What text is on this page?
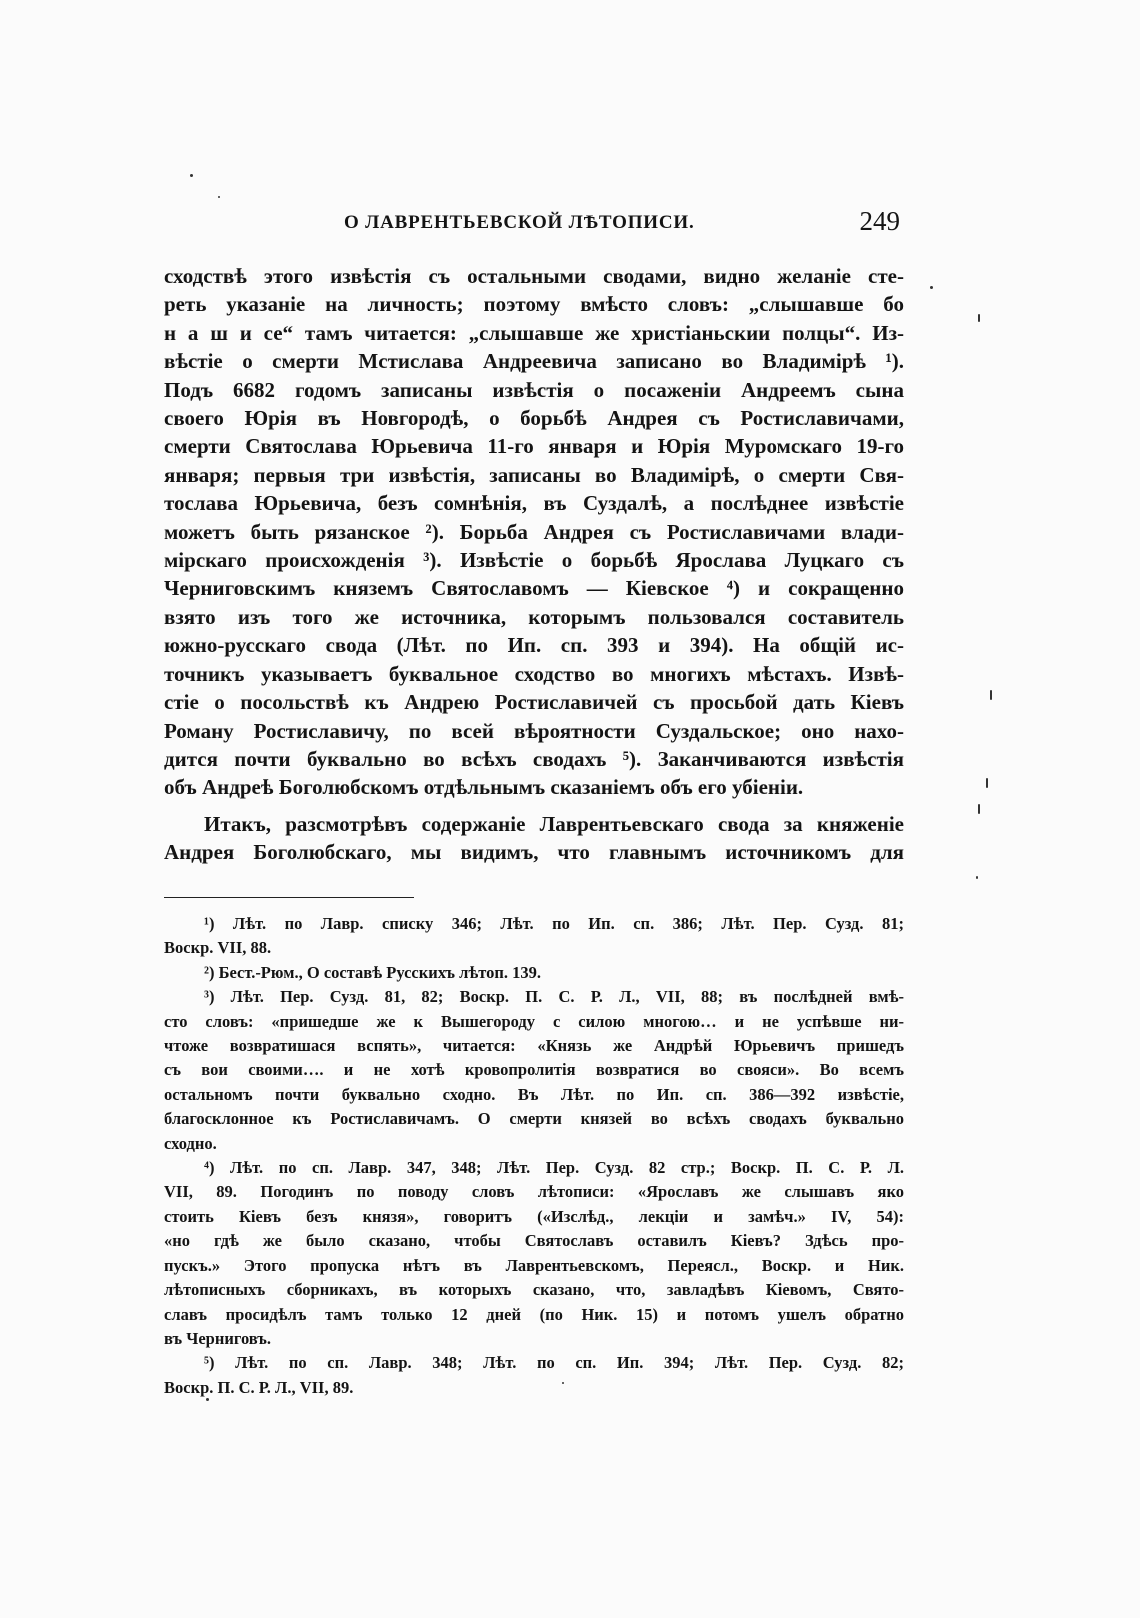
О ЛАВРЕНТЬЕВСКОЙ ЛѢТОПИСИ.	249
сходствѣ этого извѣстія съ остальными сводами, видно желаніе сте-
реть указаніе на личность; поэтому вмѣсто словъ: „слышавше бо
н а ш и се“ тамъ читается: „слышавше же христіаньскии полцы“. Из-
вѣстіе о смерти Мстислава Андреевича записано во Владимірѣ ¹).
Подъ 6682 годомъ записаны извѣстія о посаженіи Андреемъ сына
своего Юрія въ Новгородѣ, о борьбѣ Андрея съ Ростиславичами,
смерти Святослава Юрьевича 11-го января и Юрія Муромскаго 19-го
января; первыя три извѣстія, записаны во Владимірѣ, о смерти Свя-
тослава Юрьевича, безъ сомнѣнія, въ Суздалѣ, а послѣднее извѣстіе
можетъ быть рязанское ²). Борьба Андрея съ Ростиславичами влади-
мірскаго происхожденія ³). Извѣстіе о борьбѣ Ярослава Луцкаго съ
Черниговскимъ княземъ Святославомъ — Кіевское ⁴) и сокращенно
взято изъ того же источника, которымъ пользовался составитель
южно-русскаго свода (Лѣт. по Ип. сп. 393 и 394). На общій ис-
точникъ указываетъ буквальное сходство во многихъ мѣстахъ. Извѣ-
стіе о посольствѣ къ Андрею Ростиславичей съ просьбой дать Кіевъ
Роману Ростиславичу, по всей вѣроятности Суздальское; оно нахо-
дится почти буквально во всѣхъ сводахъ ⁵). Заканчиваются извѣстія
объ Андреѣ Боголюбскомъ отдѣльнымъ сказаніемъ объ его убіеніи.
Итакъ, разсмотрѣвъ содержаніе Лаврентьевскаго свода за княженіе
Андрея Боголюбскаго, мы видимъ, что главнымъ источникомъ для
¹) Лѣт. по Лавр. списку 346; Лѣт. по Ип. сп. 386; Лѣт. Пер. Сузд. 81;
Воскр. VII, 88.
²) Бест.-Рюм., О составѣ Русскихъ лѣтоп. 139.
³) Лѣт. Пер. Сузд. 81, 82; Воскр. П. С. Р. Л., VII, 88; въ послѣдней вмѣ-
сто словъ: «пришедше же к Вышегороду с силою многою… и не успѣвше ни-
чтоже возвратишася вспять», читается: «Князь же Андрѣй Юрьевичъ пришедъ
съ вои своими…. и не хотѣ кровопролитія возвратися во свояси». Во всемъ
остальномъ почти буквально сходно. Въ Лѣт. по Ип. сп. 386—392 извѣстіе,
благосклонное къ Ростиславичамъ. О смерти князей во всѣхъ сводахъ буквально
сходно.
⁴) Лѣт. по сп. Лавр. 347, 348; Лѣт. Пер. Сузд. 82 стр.; Воскр. П. С. Р. Л.
VII, 89. Погодинъ по поводу словъ лѣтописи: «Ярославъ же слышавъ яко
стоить Кіевъ безъ князя», говоритъ («Изслѣд., лекціи и замѣч.» IV, 54):
«но гдѣ же было сказано, чтобы Святославъ оставилъ Кіевъ? Здѣсь про-
пускъ.» Этого пропуска нѣтъ въ Лаврентьевскомъ, Переясл., Воскр. и Ник.
лѣтописныхъ сборникахъ, въ которыхъ сказано, что, завладѣвъ Кіевомъ, Свято-
славъ просидѣлъ тамъ только 12 дней (по Ник. 15) и потомъ ушелъ обратно
въ Черниговъ.
⁵) Лѣт. по сп. Лавр. 348; Лѣт. по сп. Ип. 394; Лѣт. Пер. Сузд. 82;
Воскр. П. С. Р. Л., VII, 89.
